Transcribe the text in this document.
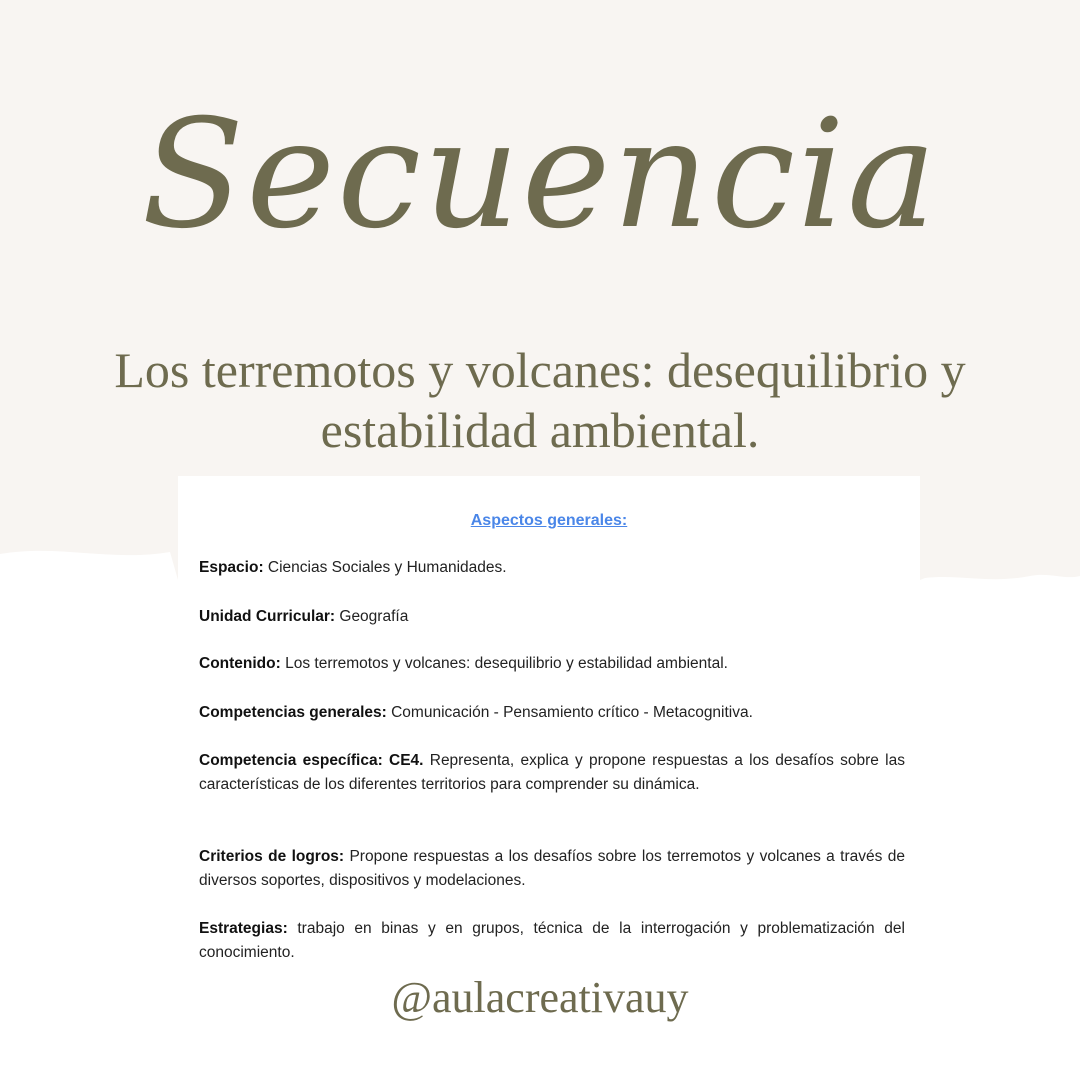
Secuencia
Los terremotos y volcanes: desequilibrio y estabilidad ambiental.
Aspectos generales:
Espacio: Ciencias Sociales y Humanidades.
Unidad Curricular: Geografía
Contenido: Los terremotos y volcanes: desequilibrio y estabilidad ambiental.
Competencias generales: Comunicación - Pensamiento crítico - Metacognitiva.
Competencia específica: CE4. Representa, explica y propone respuestas a los desafíos sobre las características de los diferentes territorios para comprender su dinámica.
Criterios de logros: Propone respuestas a los desafíos sobre los terremotos y volcanes a través de diversos soportes, dispositivos y modelaciones.
Estrategias: trabajo en binas y en grupos, técnica de la interrogación y problematización del conocimiento.
@aulacreativauy
